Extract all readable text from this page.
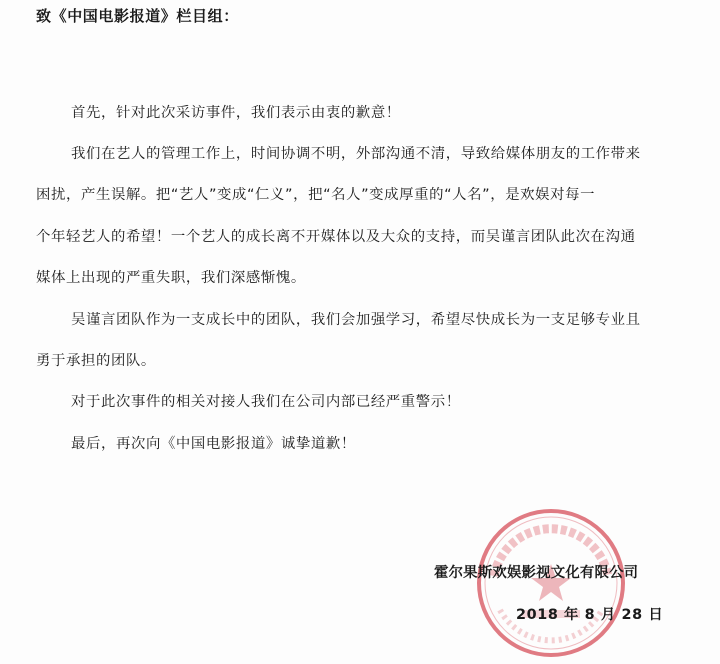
致《中国电影报道》栏目组：
首先，针对此次采访事件，我们表示由衷的歉意！
我们在艺人的管理工作上，时间协调不明，外部沟通不清，导致给媒体朋友的工作带来
困扰，产生误解。把“艺人”变成“仁义”，把“名人”变成厚重的“人名”，是欢娱对每一
个年轻艺人的希望！一个艺人的成长离不开媒体以及大众的支持，而吴谨言团队此次在沟通
媒体上出现的严重失职，我们深感惭愧。
吴谨言团队作为一支成长中的团队，我们会加强学习，希望尽快成长为一支足够专业且
勇于承担的团队。
对于此次事件的相关对接人我们在公司内部已经严重警示！
最后，再次向《中国电影报道》诚挚道歉！
霍尔果斯欢娱影视文化有限公司
2018 年 8 月 28 日
